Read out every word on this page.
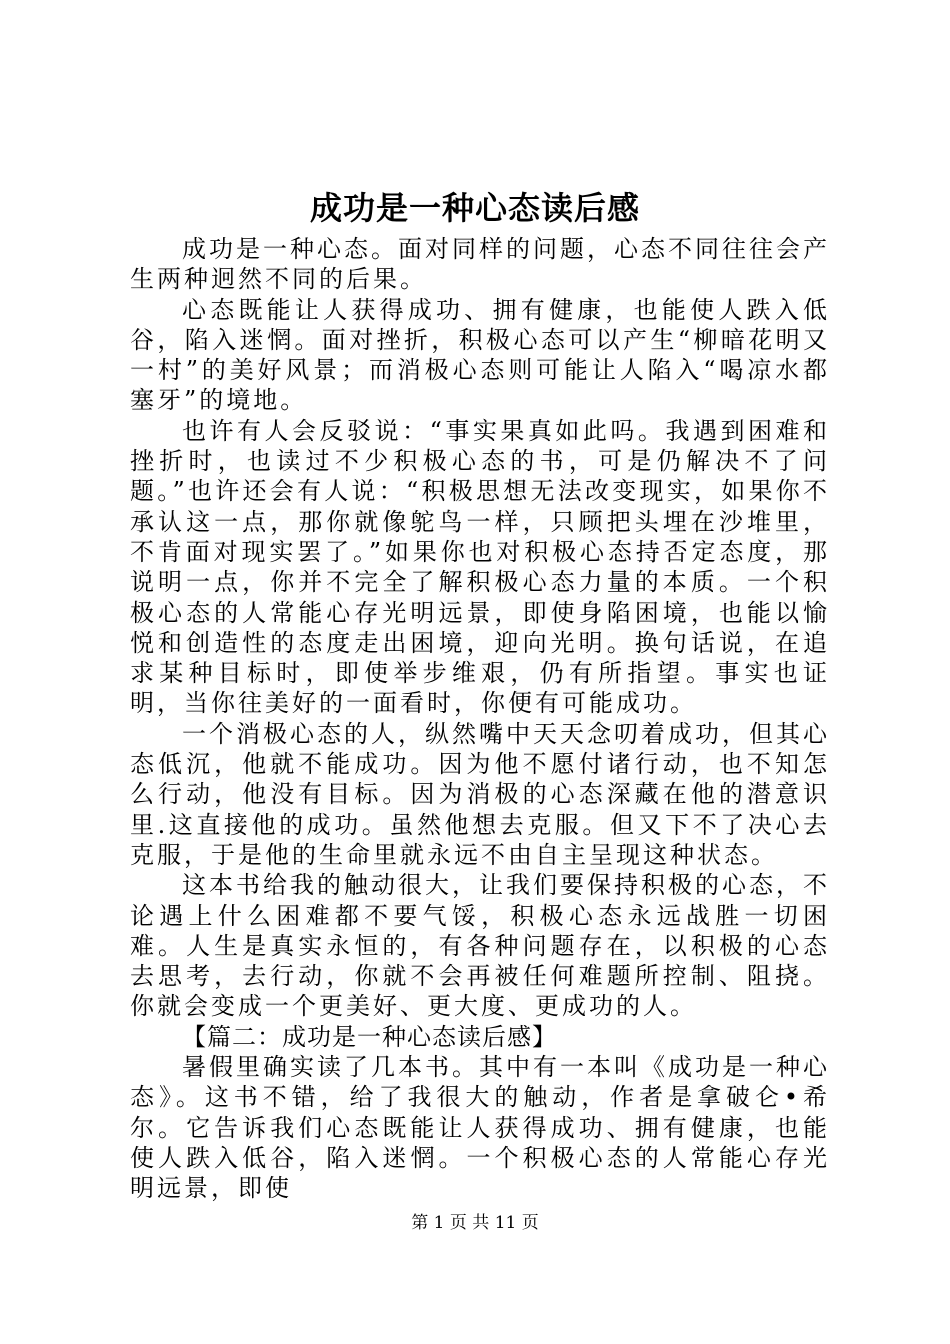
成功是一种心态读后感

成功是一种心态。面对同样的问题，心态不同往往会产生两种迥然不同的后果。

心态既能让人获得成功、拥有健康，也能使人跌入低谷，陷入迷惘。面对挫折，积极心态可以产生“柳暗花明又一村”的美好风景；而消极心态则可能让人陷入“喝凉水都塞牙”的境地。

也许有人会反驳说：“事实果真如此吗。我遇到困难和挫折时，也读过不少积极心态的书，可是仍解决不了问题。”也许还会有人说：“积极思想无法改变现实，如果你不承认这一点，那你就像鸵鸟一样，只顾把头埋在沙堆里，不肯面对现实罢了。”如果你也对积极心态持否定态度，那说明一点，你并不完全了解积极心态力量的本质。一个积极心态的人常能心存光明远景，即使身陷困境，也能以愉悦和创造性的态度走出困境，迎向光明。换句话说，在追求某种目标时，即使举步维艰，仍有所指望。事实也证明，当你往美好的一面看时，你便有可能成功。

一个消极心态的人，纵然嘴中天天念叨着成功，但其心态低沉，他就不能成功。因为他不愿付诸行动，也不知怎么行动，他没有目标。因为消极的心态深藏在他的潜意识里.这直接他的成功。虽然他想去克服。但又下不了决心去克服，于是他的生命里就永远不由自主呈现这种状态。

这本书给我的触动很大，让我们要保持积极的心态，不论遇上什么困难都不要气馁，积极心态永远战胜一切困难。人生是真实永恒的，有各种问题存在，以积极的心态去思考，去行动，你就不会再被任何难题所控制、阻挠。你就会变成一个更美好、更大度、更成功的人。

【篇二：成功是一种心态读后感】

暑假里确实读了几本书。其中有一本叫《成功是一种心态》。这书不错，给了我很大的触动，作者是拿破仑•希尔。它告诉我们心态既能让人获得成功、拥有健康，也能使人跌入低谷，陷入迷惘。一个积极心态的人常能心存光明远景，即使

第 1 页 共 11 页
